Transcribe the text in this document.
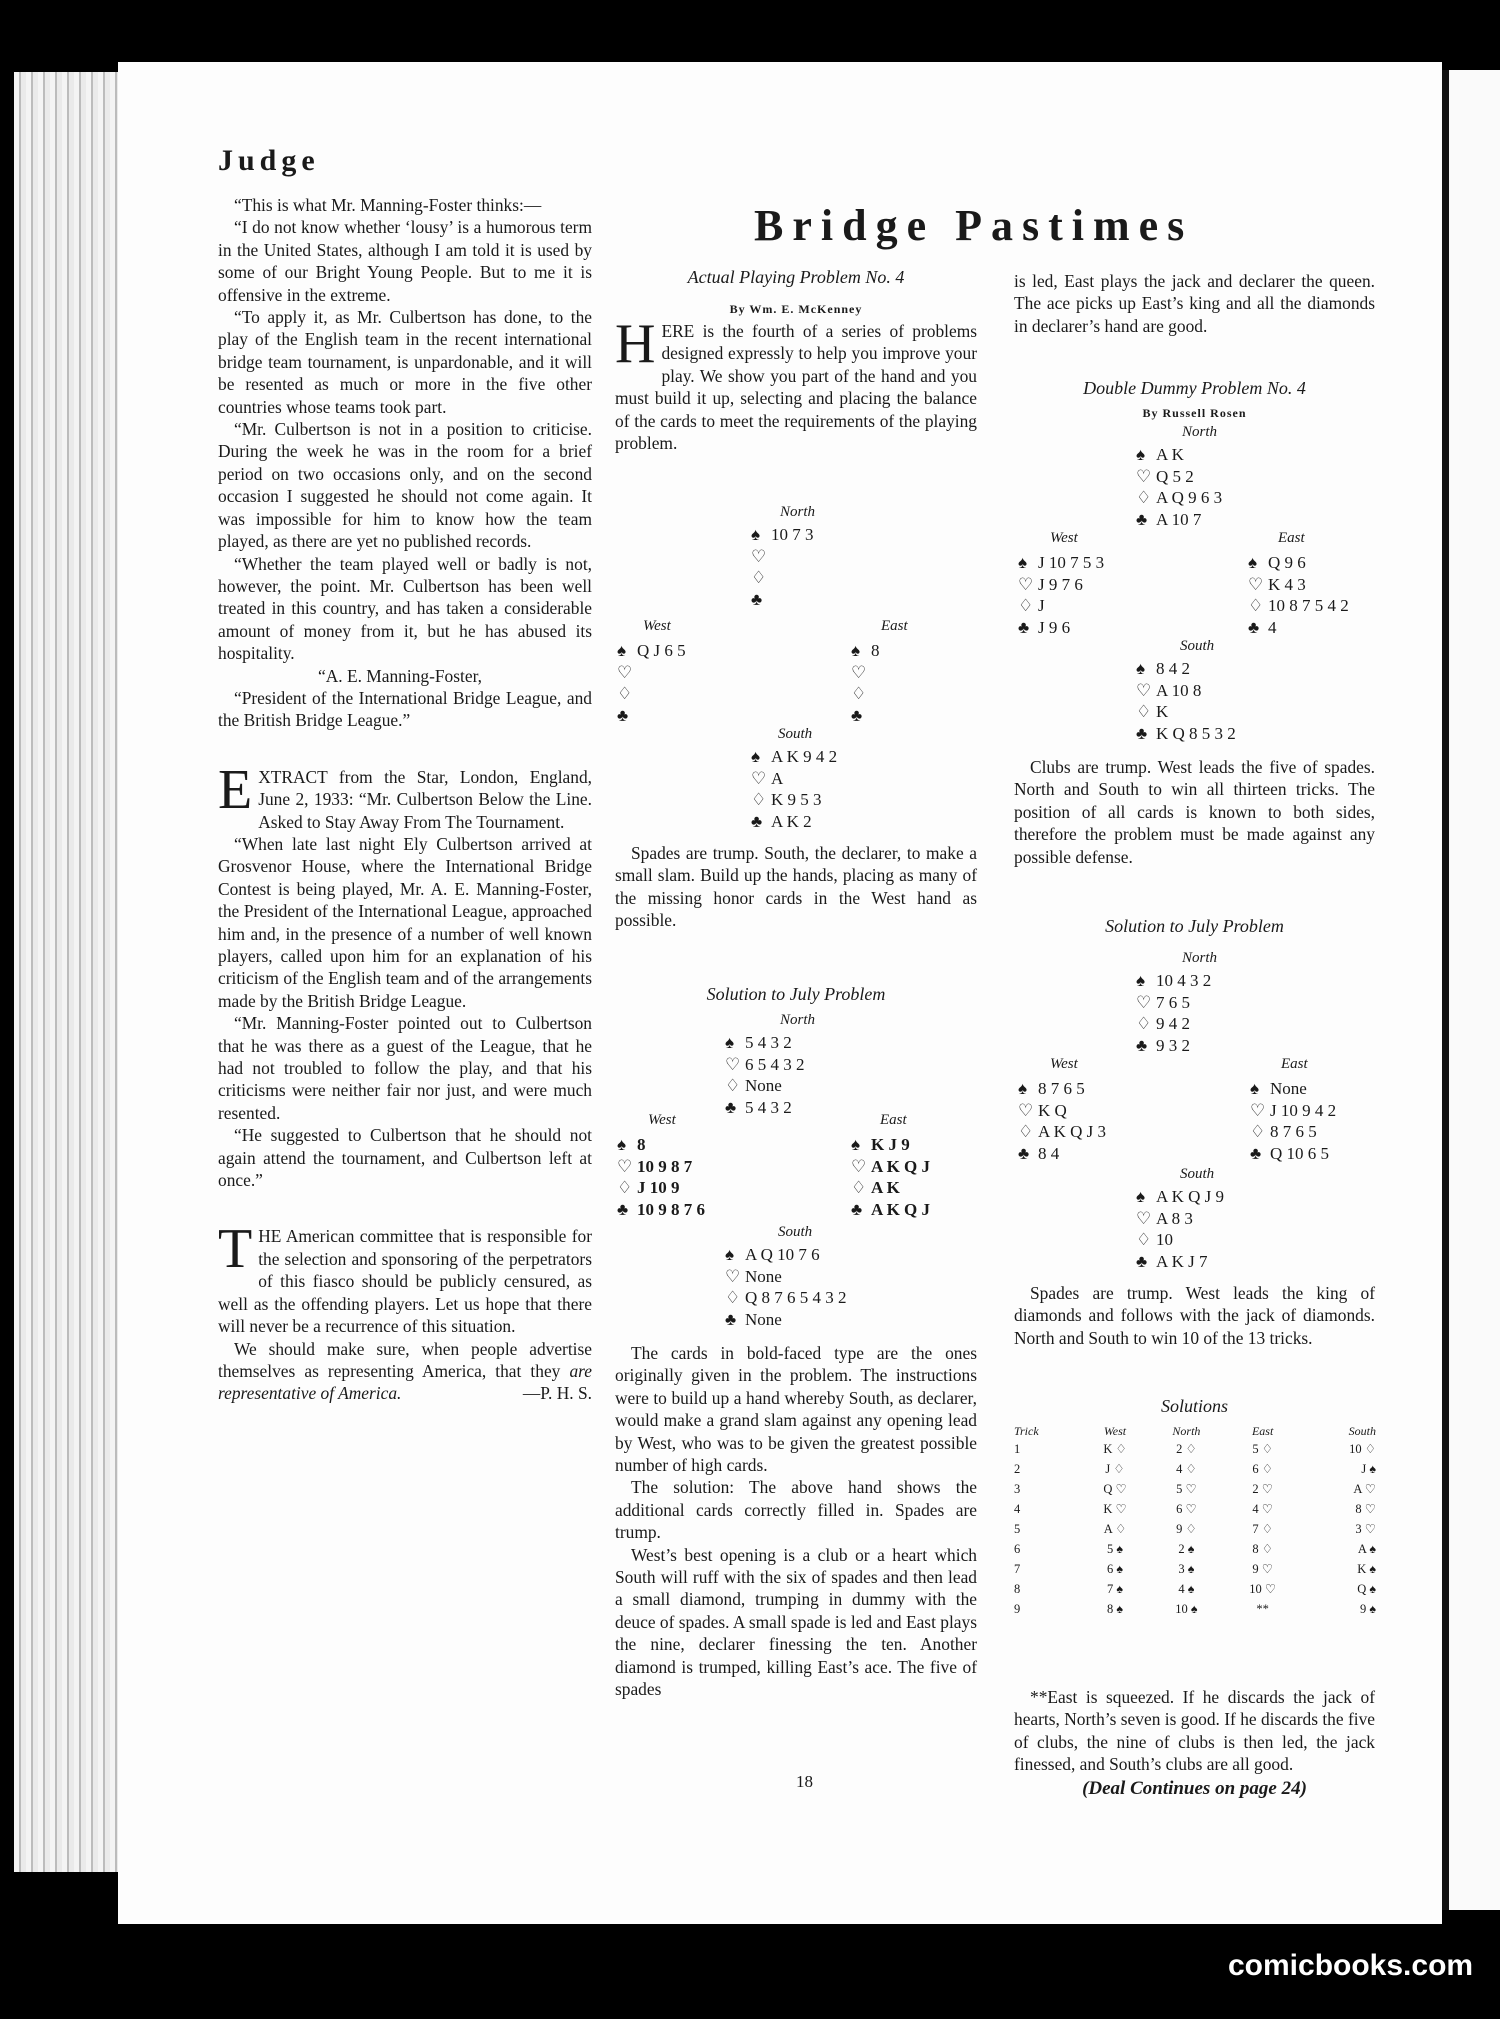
Judge

“This is what Mr. Manning-Foster thinks:—

“I do not know whether ‘lousy’ is a humorous term in the United States, although I am told it is used by some of our Bright Young People. But to me it is offensive in the extreme.

“To apply it, as Mr. Culbertson has done, to the play of the English team in the recent international bridge team tournament, is unpardonable, and it will be resented as much or more in the five other countries whose teams took part.

“Mr. Culbertson is not in a position to criticise. During the week he was in the room for a brief period on two occasions only, and on the second occasion I suggested he should not come again. It was impossible for him to know how the team played, as there are yet no published records.

“Whether the team played well or badly is not, however, the point. Mr. Culbertson has been well treated in this country, and has taken a considerable amount of money from it, but he has abused its hospitality.

“A. E. Manning-Foster,

“President of the International Bridge League, and the British Bridge League.”

EXTRACT from the Star, London, England, June 2, 1933: “Mr. Culbertson Below the Line. Asked to Stay Away From The Tournament.

“When late last night Ely Culbertson arrived at Grosvenor House, where the International Bridge Contest is being played, Mr. A. E. Manning-Foster, the President of the International League, approached him and, in the presence of a number of well known players, called upon him for an explanation of his criticism of the English team and of the arrangements made by the British Bridge League.

“Mr. Manning-Foster pointed out to Culbertson that he was there as a guest of the League, that he had not troubled to follow the play, and that his criticisms were neither fair nor just, and were much resented.

“He suggested to Culbertson that he should not again attend the tournament, and Culbertson left at once.”

THE American committee that is responsible for the selection and sponsoring of the perpetrators of this fiasco should be publicly censured, as well as the offending players. Let us hope that there will never be a recurrence of this situation.

We should make sure, when people advertise themselves as representing America, that they are representative of America.	—P. H. S.

Bridge Pastimes
Actual Playing Problem No. 4
By Wm. E. McKenney

HERE is the fourth of a series of problems designed expressly to help you improve your play. We show you part of the hand and you must build it up, selecting and placing the balance of the cards to meet the requirements of the playing problem.

North
♠ 10 7 3
♡
♢
♣
West
♠ Q J 6 5
♡
♢
♣
East
♠ 8
♡
♢
♣
South
♠ A K 9 4 2
♡ A
♢ K 9 5 3
♣ A K 2

Spades are trump. South, the declarer, to make a small slam. Build up the hands, placing as many of the missing honor cards in the West hand as possible.

Solution to July Problem
North
♠ 5 4 3 2
♡ 6 5 4 3 2
♢ None
♣ 5 4 3 2
West
♠ 8
♡ 10 9 8 7
♢ J 10 9
♣ 10 9 8 7 6
East
♠ K J 9
♡ A K Q J
♢ A K
♣ A K Q J
South
♠ A Q 10 7 6
♡ None
♢ Q 8 7 6 5 4 3 2
♣ None

The cards in bold-faced type are the ones originally given in the problem. The instructions were to build up a hand whereby South, as declarer, would make a grand slam against any opening lead by West, who was to be given the greatest possible number of high cards.

The solution: The above hand shows the additional cards correctly filled in. Spades are trump.

West’s best opening is a club or a heart which South will ruff with the six of spades and then lead a small diamond, trumping in dummy with the deuce of spades. A small spade is led and East plays the nine, declarer finessing the ten. Another diamond is trumped, killing East’s ace. The five of spades

is led, East plays the jack and declarer the queen. The ace picks up East’s king and all the diamonds in declarer’s hand are good.

Double Dummy Problem No. 4
By Russell Rosen
North
♠ A K
♡ Q 5 2
♢ A Q 9 6 3
♣ A 10 7
West
♠ J 10 7 5 3
♡ J 9 7 6
♢ J
♣ J 9 6
East
♠ Q 9 6
♡ K 4 3
♢ 10 8 7 5 4 2
♣ 4
South
♠ 8 4 2
♡ A 10 8
♢ K
♣ K Q 8 5 3 2

Clubs are trump. West leads the five of spades. North and South to win all thirteen tricks. The position of all cards is known to both sides, therefore the problem must be made against any possible defense.

Solution to July Problem
North
♠ 10 4 3 2
♡ 7 6 5
♢ 9 4 2
♣ 9 3 2
West
♠ 8 7 6 5
♡ K Q
♢ A K Q J 3
♣ 8 4
East
♠ None
♡ J 10 9 4 2
♢ 8 7 6 5
♣ Q 10 6 5
South
♠ A K Q J 9
♡ A 8 3
♢ 10
♣ A K J 7

Spades are trump. West leads the king of diamonds and follows with the jack of diamonds. North and South to win 10 of the 13 tricks.

Solutions
Trick	West	North	East	South
1	K ♢	2 ♢	5 ♢	10 ♢
2	J ♢	4 ♢	6 ♢	J ♠
3	Q ♡	5 ♡	2 ♡	A ♡
4	K ♡	6 ♡	4 ♡	8 ♡
5	A ♢	9 ♢	7 ♢	3 ♡
6	5 ♠	2 ♠	8 ♢	A ♠
7	6 ♠	3 ♠	9 ♡	K ♠
8	7 ♠	4 ♠	10 ♡	Q ♠
9	8 ♠	10 ♠	**	9 ♠

**East is squeezed. If he discards the jack of hearts, North’s seven is good. If he discards the five of clubs, the nine of clubs is then led, the jack finessed, and South’s clubs are all good.

(Deal Continues on page 24)
18
comicbooks.com
